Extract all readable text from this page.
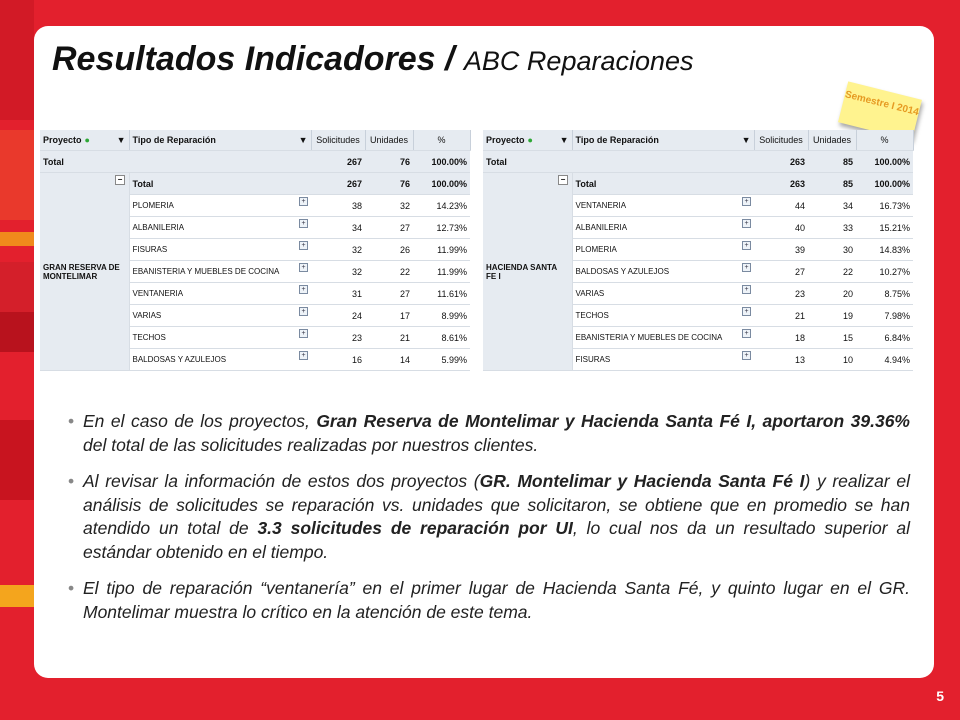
Resultados Indicadores / ABC Reparaciones
Semestre I 2014
Proyecto ● ▼	Tipo de Reparación ▼	Solicitudes	Unidades	%
Total		267	76	100.00%

−
GRAN RESERVA DE MONTELIMAR	Total	267	76	100.00%
	PLOMERIA +	38	32	14.23%
	ALBANILERIA +	34	27	12.73%
	FISURAS +	32	26	11.99%
	EBANISTERIA Y MUEBLES DE COCINA +	32	22	11.99%
	VENTANERIA +	31	27	11.61%
	VARIAS +	24	17	8.99%
	TECHOS +	23	21	8.61%
	BALDOSAS Y AZULEJOS +	16	14	5.99%
Proyecto ● ▼	Tipo de Reparación ▼	Solicitudes	Unidades	%
Total		263	85	100.00%

−
HACIENDA SANTA FE I	Total	263	85	100.00%
	VENTANERIA +	44	34	16.73%
	ALBANILERIA +	40	33	15.21%
	PLOMERIA +	39	30	14.83%
	BALDOSAS Y AZULEJOS +	27	22	10.27%
	VARIAS +	23	20	8.75%
	TECHOS +	21	19	7.98%
	EBANISTERIA Y MUEBLES DE COCINA +	18	15	6.84%
	FISURAS +	13	10	4.94%
• En el caso de los proyectos, Gran Reserva de Montelimar y Hacienda Santa Fé I, aportaron 39.36% del total de las solicitudes realizadas por nuestros clientes.
• Al revisar la información de estos dos proyectos (GR. Montelimar y Hacienda Santa Fé I) y realizar el análisis de solicitudes se reparación vs. unidades que solicitaron, se obtiene que en promedio se han atendido un total de 3.3 solicitudes de reparación por UI, lo cual nos da un resultado superior al estándar obtenido en el tiempo.
• El tipo de reparación “ventanería” en el primer lugar de Hacienda Santa Fé, y quinto lugar en el GR. Montelimar muestra lo crítico en la atención de este tema.
5
